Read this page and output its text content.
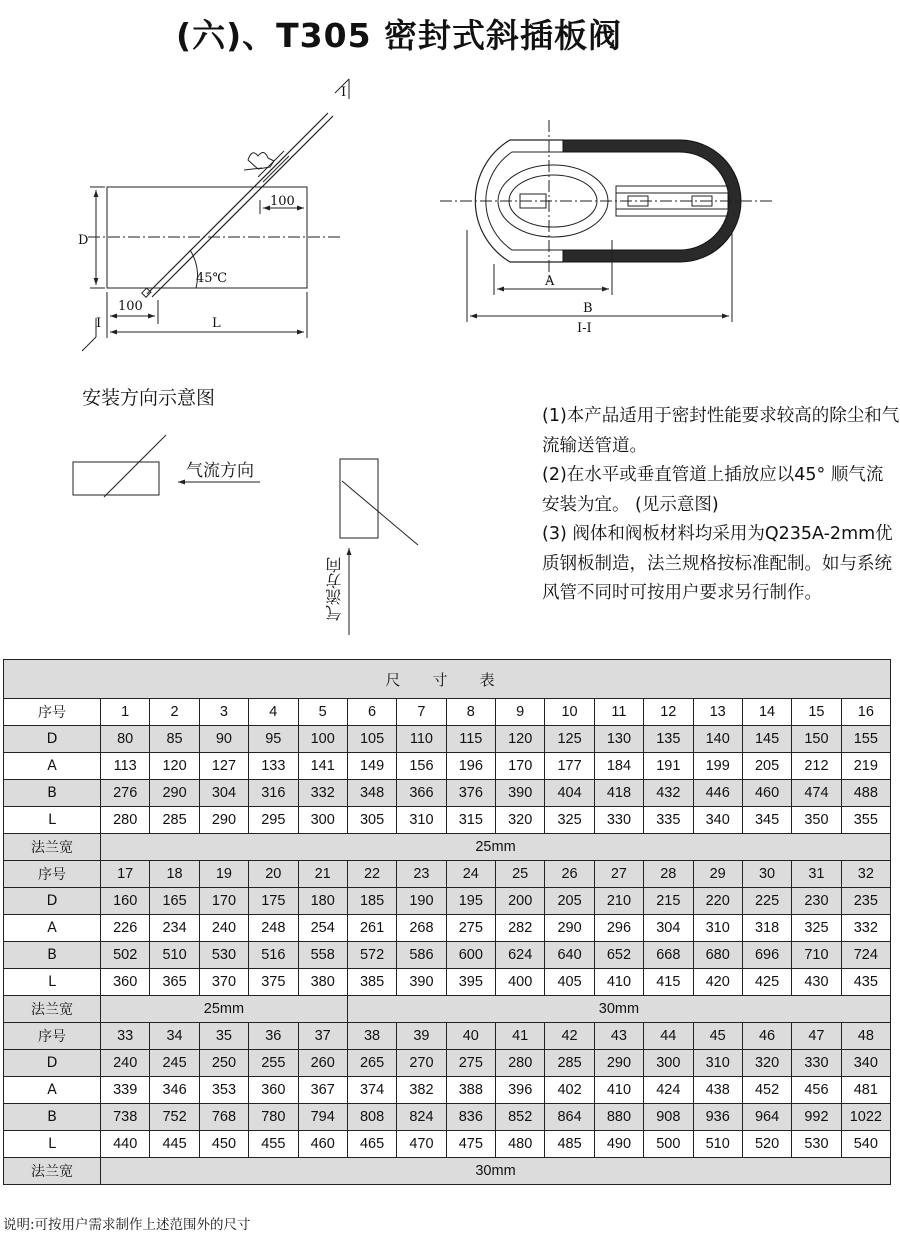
(六)、T305 密封式斜插板阀
100
D
45℃
100
L
I
I
A
B
I-I
安装方向示意图
气流方向
气流方向

(1)本产品适用于密封性能要求较高的除尘和气流输送管道。

(2)在水平或垂直管道上插放应以45° 顺气流安装为宜。 (见示意图)

(3) 阀体和阀板材料均采用为Q235A-2mm优质钢板制造，法兰规格按标准配制。如与系统风管不同时可按用户要求另行制作。

尺 寸 表																
序号	1	2	3	4	5	6	7	8	9	10	11	12	13	14	15	16
D	80	85	90	95	100	105	110	115	120	125	130	135	140	145	150	155
A	113	120	127	133	141	149	156	196	170	177	184	191	199	205	212	219
B	276	290	304	316	332	348	366	376	390	404	418	432	446	460	474	488
L	280	285	290	295	300	305	310	315	320	325	330	335	340	345	350	355
法兰宽	25mm															
序号	17	18	19	20	21	22	23	24	25	26	27	28	29	30	31	32
D	160	165	170	175	180	185	190	195	200	205	210	215	220	225	230	235
A	226	234	240	248	254	261	268	275	282	290	296	304	310	318	325	332
B	502	510	530	516	558	572	586	600	624	640	652	668	680	696	710	724
L	360	365	370	375	380	385	390	395	400	405	410	415	420	425	430	435
法兰宽	25mm					30mm										
序号	33	34	35	36	37	38	39	40	41	42	43	44	45	46	47	48
D	240	245	250	255	260	265	270	275	280	285	290	300	310	320	330	340
A	339	346	353	360	367	374	382	388	396	402	410	424	438	452	456	481
B	738	752	768	780	794	808	824	836	852	864	880	908	936	964	992	1022
L	440	445	450	455	460	465	470	475	480	485	490	500	510	520	530	540
法兰宽	30mm															
说明:可按用户需求制作上述范围外的尺寸
